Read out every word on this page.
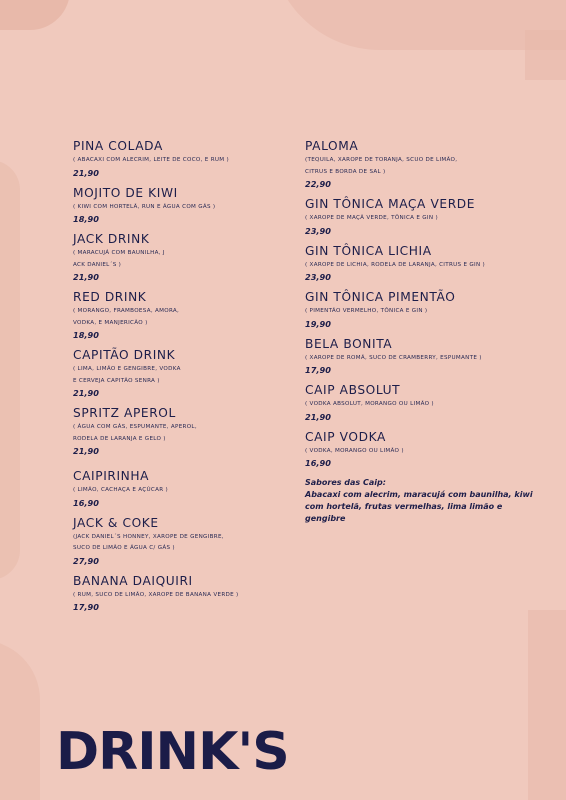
PINA COLADA
( ABACAXI COM ALECRIM, LEITE DE COCO, E RUM )
21,90
MOJITO DE KIWI
( KIWI COM HORTELÃ, RUN E ÁGUA COM GÁS )
18,90
JACK DRINK
( MARACUJÁ COM BAUNILHA, J
ACK DANIEL´S )
21,90
RED DRINK
( MORANGO, FRAMBOESA, AMORA,
VODKA, E MANJERICÃO )
18,90
CAPITÃO DRINK
( LIMA, LIMÃO E GENGIBRE, VODKA
E CERVEJA CAPITÃO SENRA )
21,90
SPRITZ APEROL
( ÁGUA COM GÁS, ESPUMANTE, APEROL,
RODELA DE LARANJA E GELO )
21,90
CAIPIRINHA
( LIMÃO, CACHAÇA E AÇÚCAR )
16,90
JACK & COKE
(JACK DANIEL´S HONNEY, XAROPE DE GENGIBRE,
SUCO DE LIMÃO E ÁGUA C/ GÁS )
27,90
BANANA DAIQUIRI
( RUM, SUCO DE LIMÃO, XAROPE DE BANANA VERDE )
17,90
PALOMA
(TEQUILA, XAROPE DE TORANJA, SCUO DE LIMÃO,
CITRUS E BORDA DE SAL )
22,90
GIN TÔNICA MAÇA VERDE
( XAROPE DE MAÇÃ VERDE, TÔNICA E GIN )
23,90
GIN TÔNICA LICHIA
( XAROPE DE LICHIA, RODELA DE LARANJA, CITRUS E GIN )
23,90
GIN TÔNICA PIMENTÃO
( PIMENTÃO VERMELHO, TÔNICA E GIN )
19,90
BELA BONITA
( XAROPE DE ROMÃ, SUCO DE CRAMBERRY, ESPUMANTE )
17,90
CAIP ABSOLUT
( VODKA ABSOLUT, MORANGO OU LIMÃO )
21,90
CAIP VODKA
( VODKA, MORANGO OU LIMÃO )
16,90
Sabores das Caip:
Abacaxi com alecrim, maracujá com baunilha, kiwi com hortelã, frutas vermelhas, lima limão e gengibre
DRINK'S
